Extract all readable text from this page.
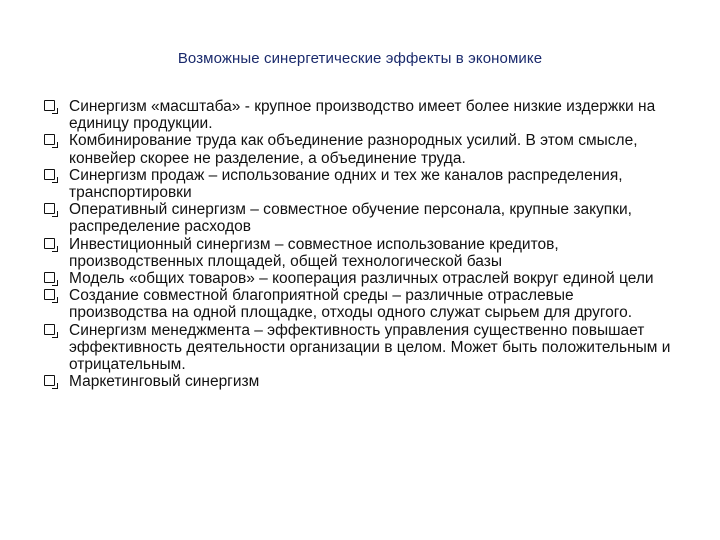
Возможные синергетические эффекты в экономике
Синергизм «масштаба» - крупное производство имеет более низкие издержки на единицу продукции.
Комбинирование труда как объединение разнородных усилий. В этом смысле, конвейер скорее не разделение, а объединение труда.
Синергизм продаж – использование одних и тех же каналов распределения, транспортировки
Оперативный синергизм – совместное обучение персонала, крупные закупки, распределение расходов
Инвестиционный синергизм – совместное использование кредитов, производственных площадей, общей технологической базы
Модель «общих товаров» – кооперация различных отраслей вокруг единой цели
Создание совместной благоприятной среды – различные отраслевые производства на одной площадке, отходы одного служат сырьем для другого.
Синергизм менеджмента – эффективность управления существенно повышает эффективность деятельности организации в целом. Может быть положительным и отрицательным.
Маркетинговый синергизм
